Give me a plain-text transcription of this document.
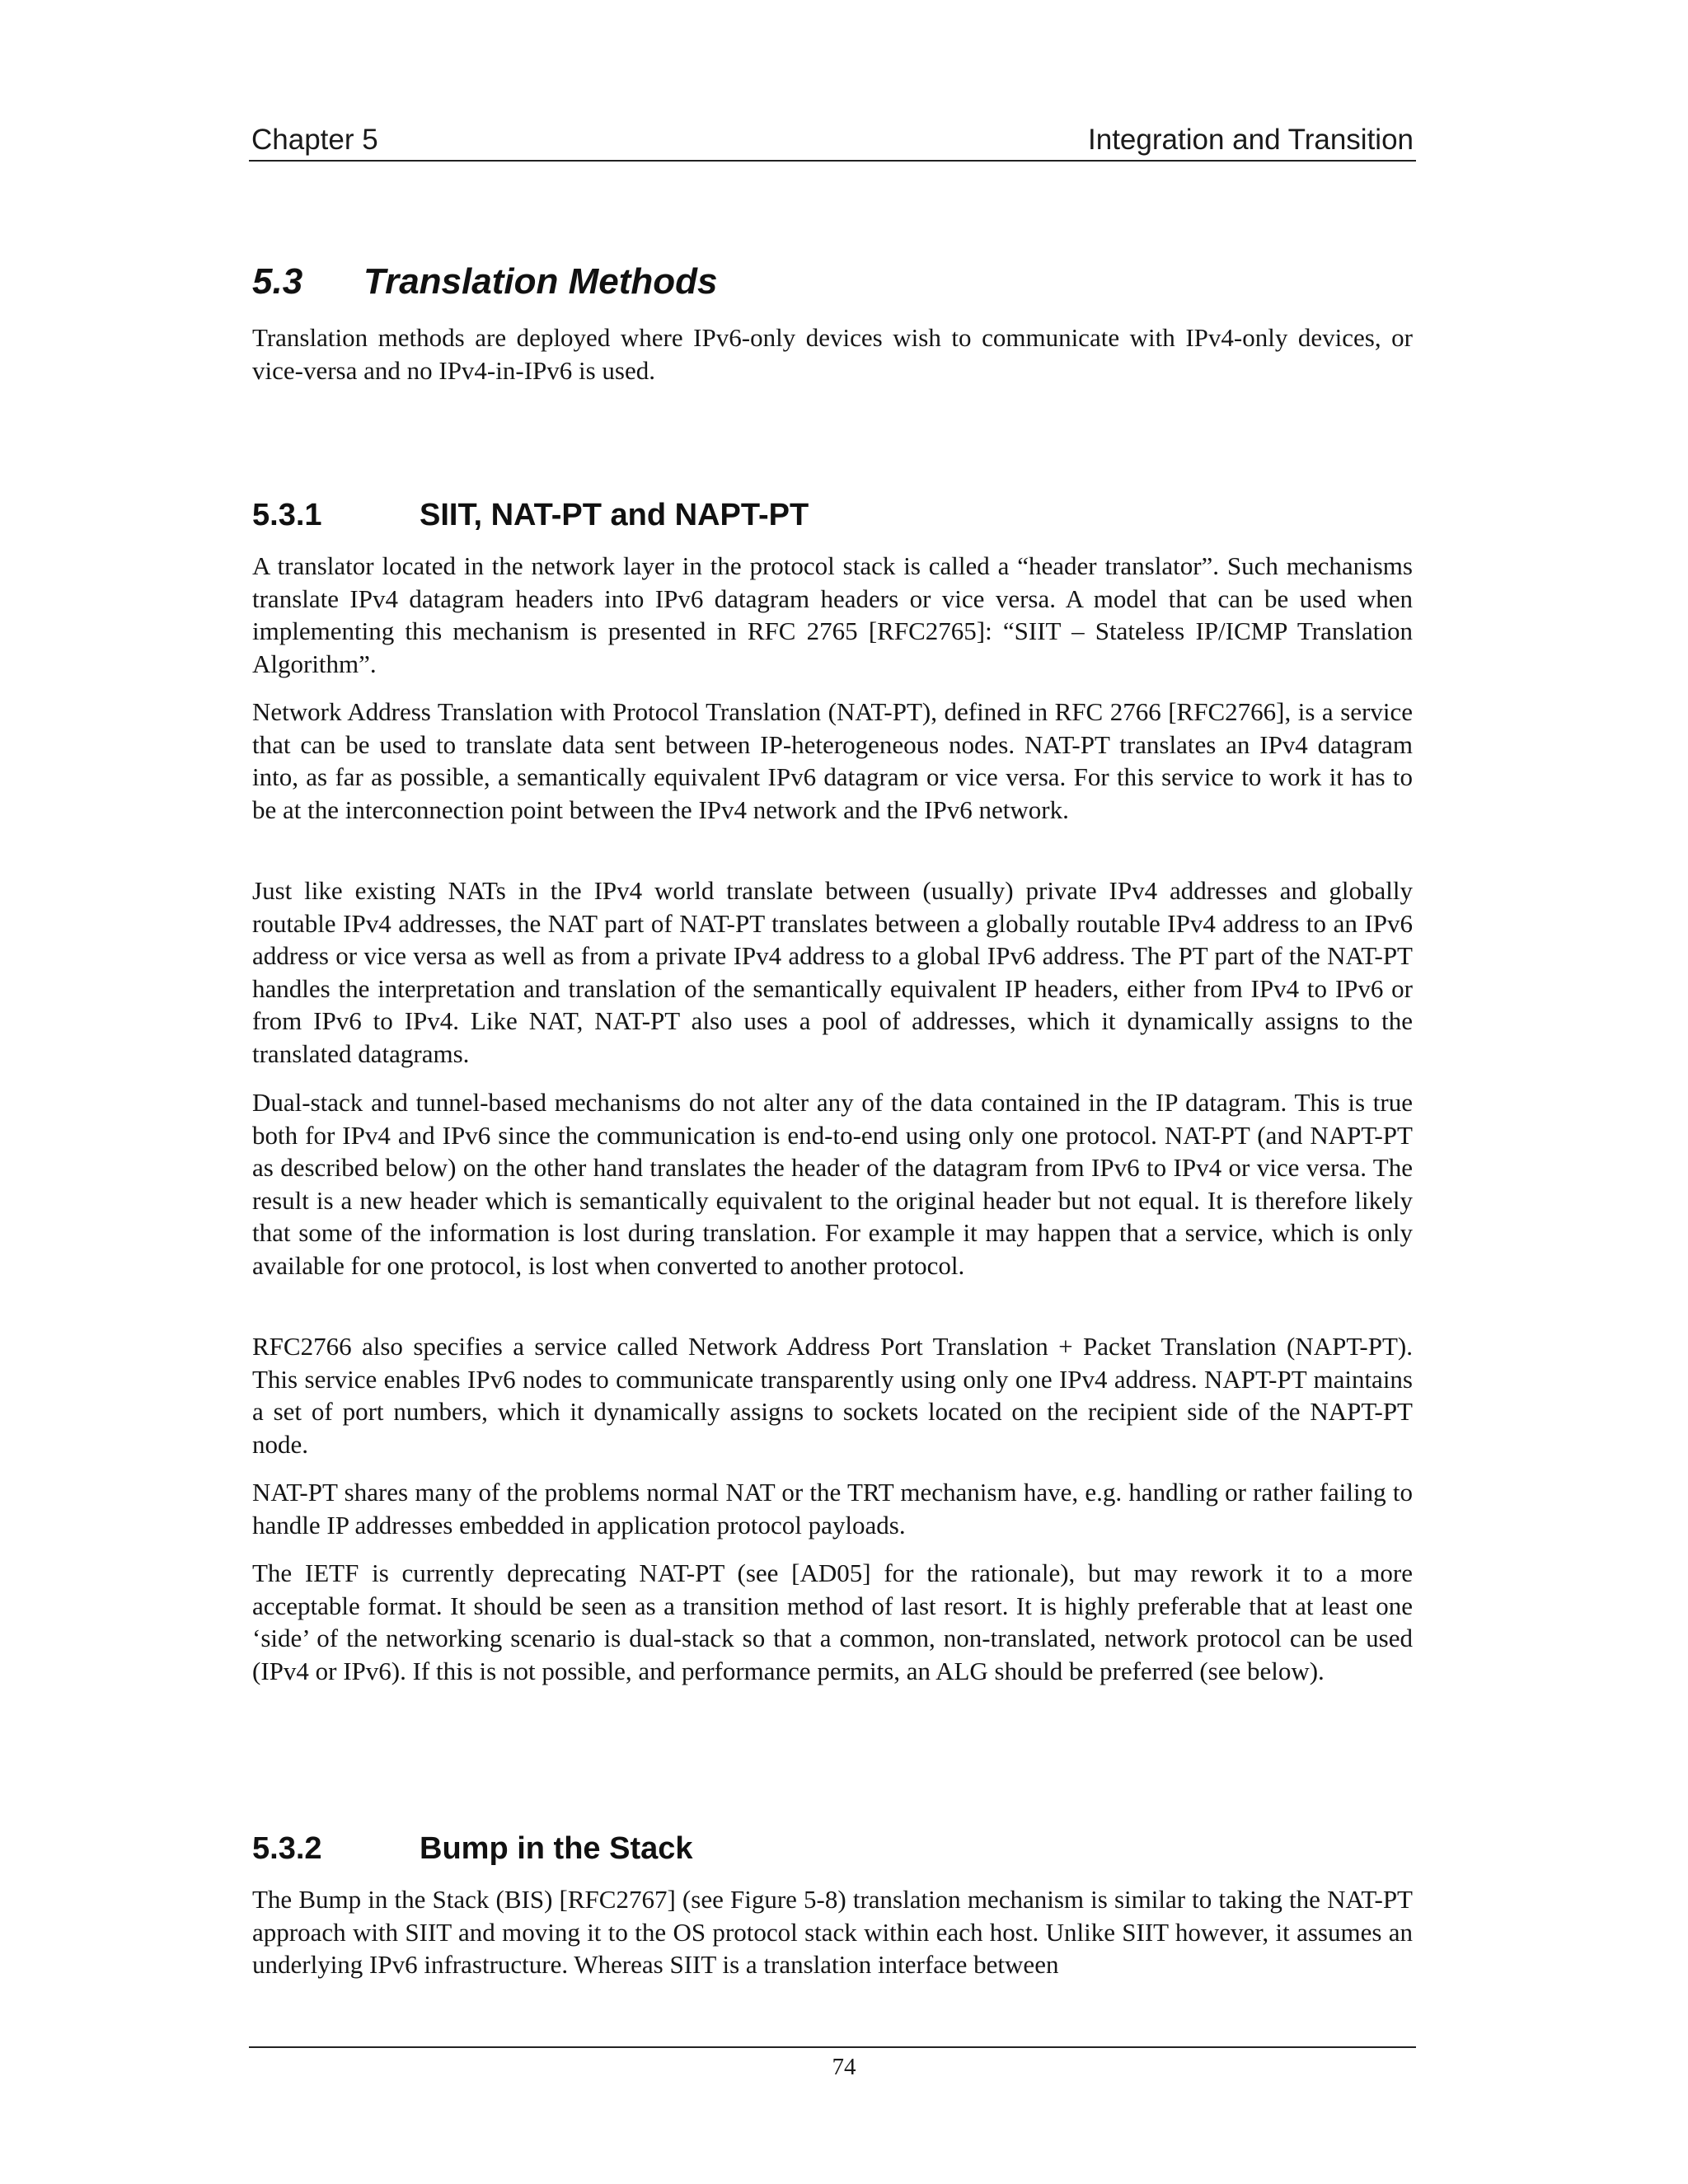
Chapter 5	Integration and Transition
5.3 Translation Methods

Translation methods are deployed where IPv6-only devices wish to communicate with IPv4-only devices, or vice-versa and no IPv4-in-IPv6 is used.

5.3.1	SIIT, NAT-PT and NAPT-PT

A translator located in the network layer in the protocol stack is called a “header translator”. Such mechanisms translate IPv4 datagram headers into IPv6 datagram headers or vice versa. A model that can be used when implementing this mechanism is presented in RFC 2765 [RFC2765]: “SIIT – Stateless IP/ICMP Translation Algorithm”.

Network Address Translation with Protocol Translation (NAT-PT), defined in RFC 2766 [RFC2766], is a service that can be used to translate data sent between IP-heterogeneous nodes. NAT-PT translates an IPv4 datagram into, as far as possible, a semantically equivalent IPv6 datagram or vice versa. For this service to work it has to be at the interconnection point between the IPv4 network and the IPv6 network.

Just like existing NATs in the IPv4 world translate between (usually) private IPv4 addresses and globally routable IPv4 addresses, the NAT part of NAT-PT translates between a globally routable IPv4 address to an IPv6 address or vice versa as well as from a private IPv4 address to a global IPv6 address. The PT part of the NAT-PT handles the interpretation and translation of the semantically equivalent IP headers, either from IPv4 to IPv6 or from IPv6 to IPv4. Like NAT, NAT-PT also uses a pool of addresses, which it dynamically assigns to the translated datagrams.

Dual-stack and tunnel-based mechanisms do not alter any of the data contained in the IP datagram. This is true both for IPv4 and IPv6 since the communication is end-to-end using only one protocol. NAT-PT (and NAPT-PT as described below) on the other hand translates the header of the datagram from IPv6 to IPv4 or vice versa. The result is a new header which is semantically equivalent to the original header but not equal. It is therefore likely that some of the information is lost during translation. For example it may happen that a service, which is only available for one protocol, is lost when converted to another protocol.

RFC2766 also specifies a service called Network Address Port Translation + Packet Translation (NAPT-PT). This service enables IPv6 nodes to communicate transparently using only one IPv4 address. NAPT-PT maintains a set of port numbers, which it dynamically assigns to sockets located on the recipient side of the NAPT-PT node.

NAT-PT shares many of the problems normal NAT or the TRT mechanism have, e.g. handling or rather failing to handle IP addresses embedded in application protocol payloads.

The IETF is currently deprecating NAT-PT (see [AD05] for the rationale), but may rework it to a more acceptable format. It should be seen as a transition method of last resort. It is highly preferable that at least one ‘side’ of the networking scenario is dual-stack so that a common, non-translated, network protocol can be used (IPv4 or IPv6). If this is not possible, and performance permits, an ALG should be preferred (see below).

5.3.2	Bump in the Stack

The Bump in the Stack (BIS) [RFC2767] (see Figure 5-8) translation mechanism is similar to taking the NAT-PT approach with SIIT and moving it to the OS protocol stack within each host. Unlike SIIT however, it assumes an underlying IPv6 infrastructure. Whereas SIIT is a translation interface between

74
